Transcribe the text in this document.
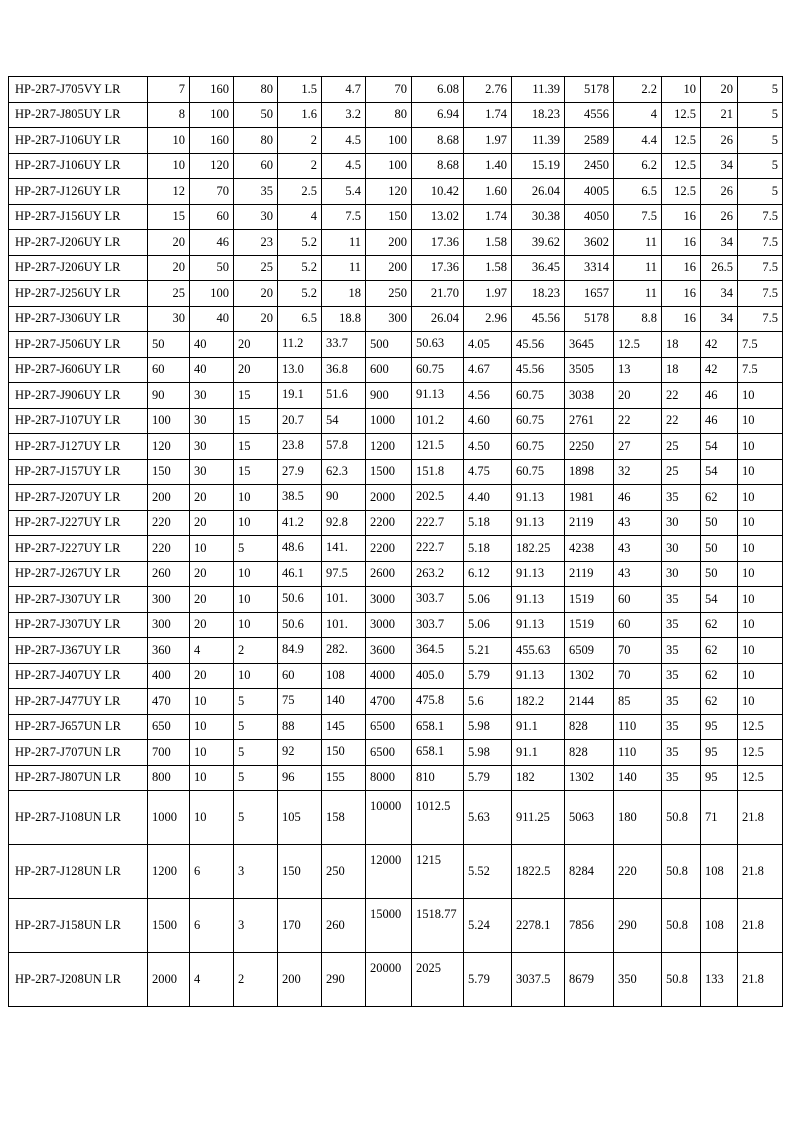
HP-2R7-J705VY LR	7	160	80	1.5	4.7	70	6.08	2.76	11.39	5178	2.2	10	20	5
HP-2R7-J805UY LR	8	100	50	1.6	3.2	80	6.94	1.74	18.23	4556	4	12.5	21	5
HP-2R7-J106UY LR	10	160	80	2	4.5	100	8.68	1.97	11.39	2589	4.4	12.5	26	5
HP-2R7-J106UY LR	10	120	60	2	4.5	100	8.68	1.40	15.19	2450	6.2	12.5	34	5
HP-2R7-J126UY LR	12	70	35	2.5	5.4	120	10.42	1.60	26.04	4005	6.5	12.5	26	5
HP-2R7-J156UY LR	15	60	30	4	7.5	150	13.02	1.74	30.38	4050	7.5	16	26	7.5
HP-2R7-J206UY LR	20	46	23	5.2	11	200	17.36	1.58	39.62	3602	11	16	34	7.5
HP-2R7-J206UY LR	20	50	25	5.2	11	200	17.36	1.58	36.45	3314	11	16	26.5	7.5
HP-2R7-J256UY LR	25	100	20	5.2	18	250	21.70	1.97	18.23	1657	11	16	34	7.5
HP-2R7-J306UY LR	30	40	20	6.5	18.8	300	26.04	2.96	45.56	5178	8.8	16	34	7.5
HP-2R7-J506UY LR	50	40	20	11.2	33.7	500	50.63	4.05	45.56	3645	12.5	18	42	7.5
HP-2R7-J606UY LR	60	40	20	13.0	36.8	600	60.75	4.67	45.56	3505	13	18	42	7.5
HP-2R7-J906UY LR	90	30	15	19.1	51.6	900	91.13	4.56	60.75	3038	20	22	46	10
HP-2R7-J107UY LR	100	30	15	20.7	54	1000	101.2	4.60	60.75	2761	22	22	46	10
HP-2R7-J127UY LR	120	30	15	23.8	57.8	1200	121.5	4.50	60.75	2250	27	25	54	10
HP-2R7-J157UY LR	150	30	15	27.9	62.3	1500	151.8	4.75	60.75	1898	32	25	54	10
HP-2R7-J207UY LR	200	20	10	38.5	90	2000	202.5	4.40	91.13	1981	46	35	62	10
HP-2R7-J227UY LR	220	20	10	41.2	92.8	2200	222.7	5.18	91.13	2119	43	30	50	10
HP-2R7-J227UY LR	220	10	5	48.6	141.	2200	222.7	5.18	182.25	4238	43	30	50	10
HP-2R7-J267UY LR	260	20	10	46.1	97.5	2600	263.2	6.12	91.13	2119	43	30	50	10
HP-2R7-J307UY LR	300	20	10	50.6	101.	3000	303.7	5.06	91.13	1519	60	35	54	10
HP-2R7-J307UY LR	300	20	10	50.6	101.	3000	303.7	5.06	91.13	1519	60	35	62	10
HP-2R7-J367UY LR	360	4	2	84.9	282.	3600	364.5	5.21	455.63	6509	70	35	62	10
HP-2R7-J407UY LR	400	20	10	60	108	4000	405.0	5.79	91.13	1302	70	35	62	10
HP-2R7-J477UY LR	470	10	5	75	140	4700	475.8	5.6	182.2	2144	85	35	62	10
HP-2R7-J657UN LR	650	10	5	88	145	6500	658.1	5.98	91.1	828	110	35	95	12.5
HP-2R7-J707UN LR	700	10	5	92	150	6500	658.1	5.98	91.1	828	110	35	95	12.5
HP-2R7-J807UN LR	800	10	5	96	155	8000	810	5.79	182	1302	140	35	95	12.5
HP-2R7-J108UN LR	1000	10	5	105	158	10000	1012.5	5.63	911.25	5063	180	50.8	71	21.8
HP-2R7-J128UN LR	1200	6	3	150	250	12000	1215	5.52	1822.5	8284	220	50.8	108	21.8
HP-2R7-J158UN LR	1500	6	3	170	260	15000	1518.77	5.24	2278.1	7856	290	50.8	108	21.8
HP-2R7-J208UN LR	2000	4	2	200	290	20000	2025	5.79	3037.5	8679	350	50.8	133	21.8
